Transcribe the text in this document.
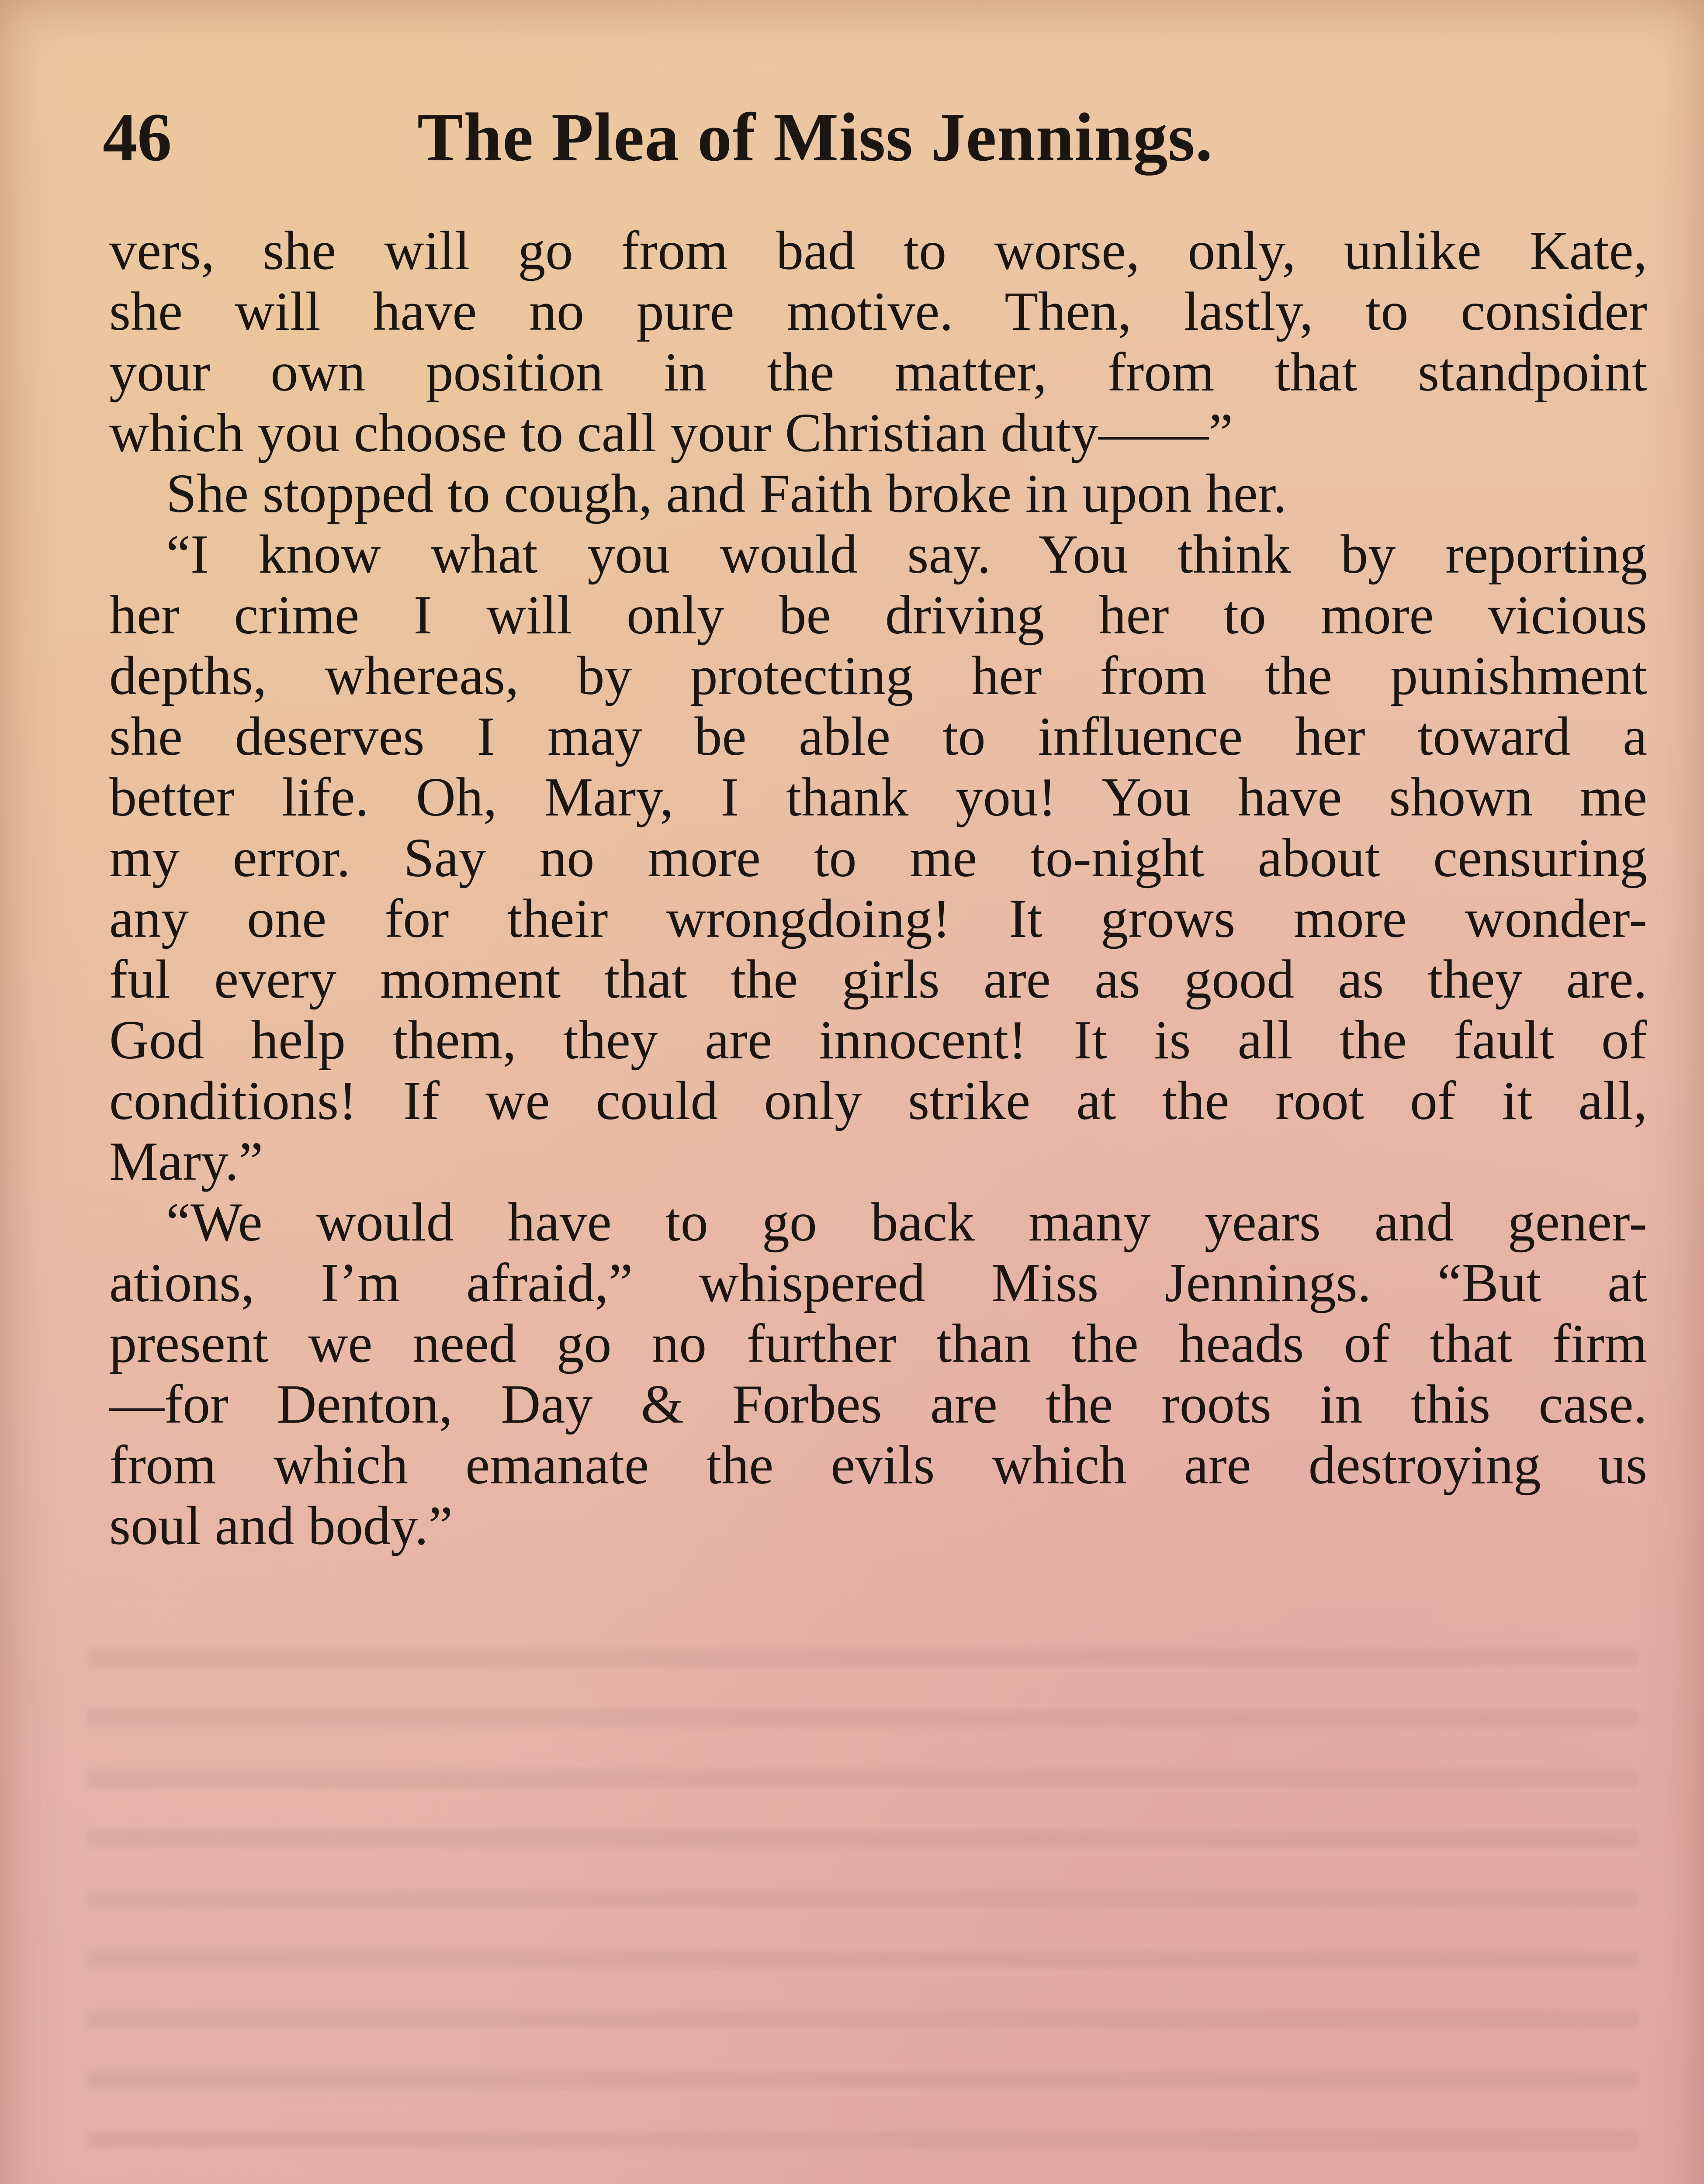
46	The Plea of Miss Jennings.

vers, she will go from bad to worse, only, unlike Kate,
she will have no pure motive. Then, lastly, to consider
your own position in the matter, from that standpoint
which you choose to call your Christian duty——”

She stopped to cough, and Faith broke in upon her.

“I know what you would say. You think by reporting
her crime I will only be driving her to more vicious
depths, whereas, by protecting her from the punishment
she deserves I may be able to influence her toward a
better life. Oh, Mary, I thank you! You have shown me
my error. Say no more to me to-night about censuring
any one for their wrongdoing! It grows more wonder-
ful every moment that the girls are as good as they are.
God help them, they are innocent! It is all the fault of
conditions! If we could only strike at the root of it all,
Mary.”

“We would have to go back many years and gener-
ations, I’m afraid,” whispered Miss Jennings. “But at
present we need go no further than the heads of that firm
—for Denton, Day & Forbes are the roots in this case.
from which emanate the evils which are destroying us
soul and body.”
